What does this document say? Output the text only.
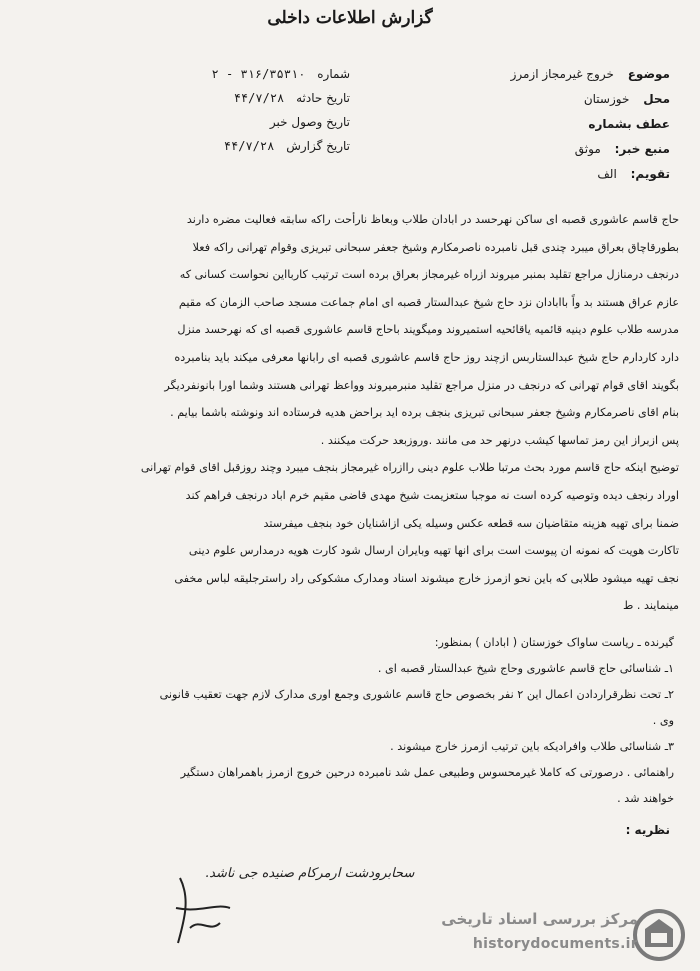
گزارش اطلاعات داخلی
موضوع خروج غیرمجاز ازمرز
محل خوزستان
عطف بشماره
منبع خبر: موثق
تقویم: الف
شماره ۳۱۶/۳۵۳۱۰ - ۲
تاریخ حادثه ۴۴/۷/۲۸
تاریخ وصول خبر
تاریخ گزارش ۴۴/۷/۲۸
حاج قاسم عاشوری قصبه ای ساکن نهرحسد در ابادان طلاب وبعاظ نارأحت راکه سابقه فعالیت مضره دارند
بطورقاچاق بعراق میبرد چندی قبل نامبرده ناصرمکارم وشیخ جعفر سبحانی تبریزی وقوام تهرانی راکه فعلا
درنجف درمنازل مراجع تقلید بمنبر میروند ازراه غیرمجاز بعراق برده است ترتیب کاربااین نحواست کسانی که
عازم عراق هستند بد واً باابادان نزد حاج شیخ عبدالستار قصبه ای امام جماعت مسجد صاحب الزمان که مقیم
مدرسه طلاب علوم دینیه قائمیه یاقائحیه استمیروند ومیگویند باحاج قاسم عاشوری قصبه ای که نهرحسد منزل
دارد کاردارم حاج شیخ عبدالستاربس ازچند روز حاج قاسم عاشوری قصبه ای رابانها معرفی میکند باید بنامبرده
بگویند اقای قوام تهرانی که درنجف در منزل مراجع تقلید منبرمیروند وواعظ تهرانی هستند وشما اورا بانونفردیگر
بنام اقای ناصرمکارم وشیخ جعفر سبحانی تبریزی بنجف برده اید براحض هدیه فرستاده اند ونوشته باشما بیایم .
پس ازبراز این رمز تماسها کیشب درنهر حد می مانند .وروزبعد حرکت میکنند .
توضیح اینکه حاج قاسم مورد بحث مرتبا طلاب علوم دینی راازراه غیرمجاز بنجف میبرد وچند روزقبل اقای قوام تهرانی
اوراد رنجف دیده وتوصیه کرده است نه موجبا ستعزیمت شیخ مهدی قاضی مقیم خرم اباد درنجف فراهم کند
ضمنا برای تهیه هزینه متقاضیان سه قطعه عکس وسیله یکی ازاشنایان خود بنجف میفرستد
تاکارت هویت که نمونه ان پیوست است برای انها تهیه وبایران ارسال شود کارت هویه درمدارس علوم دینی
نجف تهیه میشود طلابی که باین نحو ازمرز خارج میشوند اسناد ومدارک مشکوکی راد راسترجلیقه لباس مخفی
مینمایند . ط
گیرنده ـ ریاست ساواک خوزستان ( ابادان ) بمنظور:
۱ـ شناسائی حاج قاسم عاشوری وحاج شیخ عبدالستار قصبه ای .
۲ـ تحت نظرقراردادن اعمال این ۲ نفر بخصوص حاج قاسم عاشوری وجمع اوری مدارک لازم جهت تعقیب قانونی
وی .
۳ـ شناسائی طلاب وافرادیکه باین ترتیب ازمرز خارج میشوند .
راهنمائی . درصورتی که کاملا غیرمحسوس وطبیعی عمل شد نامبرده درحین خروج ازمرز باهمراهان دستگیر
خواهند شد .
نظریه :
سحابرودشت ارمرکام صنیده جی ناشد.
مرکز بررسی اسناد تاریخی
historydocuments.ir
